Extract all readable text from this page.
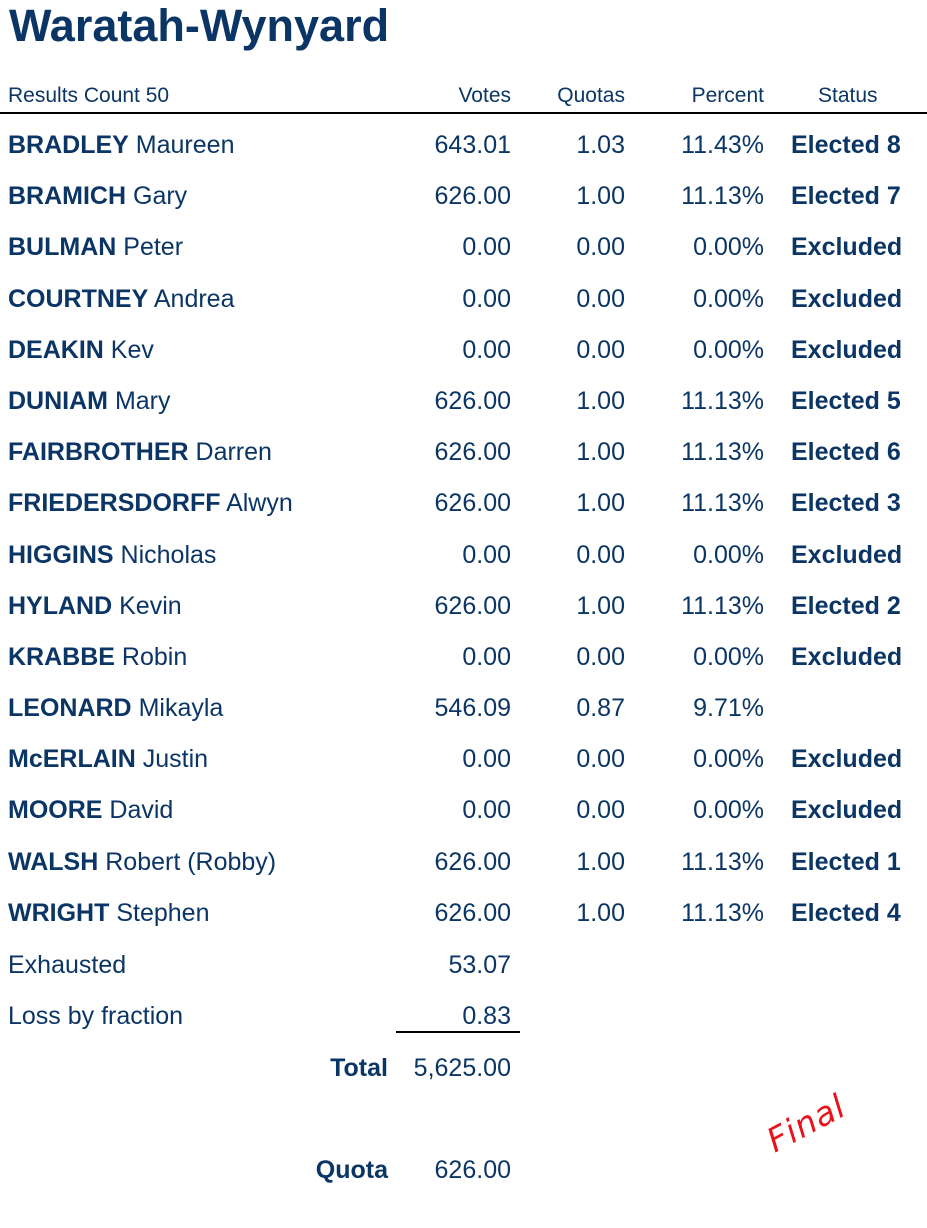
Waratah-Wynyard
Results Count 50	Votes Quotas	Percent	Status
BRADLEY Maureen	643.01	1.03 11.43% Elected 8
BRAMICH Gary	626.00	1.00 11.13% Elected 7
BULMAN Peter	0.00	0.00	0.00% Excluded
COURTNEY Andrea	0.00	0.00	0.00% Excluded
DEAKIN Kev	0.00	0.00	0.00% Excluded
DUNIAM Mary	626.00	1.00 11.13% Elected 5
FAIRBROTHER Darren	626.00	1.00 11.13% Elected 6
FRIEDERSDORFF Alwyn	626.00	1.00 11.13% Elected 3
HIGGINS Nicholas	0.00	0.00	0.00% Excluded
HYLAND Kevin	626.00	1.00 11.13% Elected 2
KRABBE Robin	0.00	0.00	0.00% Excluded
LEONARD Mikayla	546.09	0.87	9.71%
McERLAIN Justin	0.00	0.00	0.00% Excluded
MOORE David	0.00	0.00	0.00% Excluded
WALSH Robert (Robby)	626.00	1.00 11.13% Elected 1
WRIGHT Stephen	626.00	1.00 11.13% Elected 4
Exhausted	53.07
Loss by fraction	0.83
Total 5,625.00
Quota 626.00
Final
